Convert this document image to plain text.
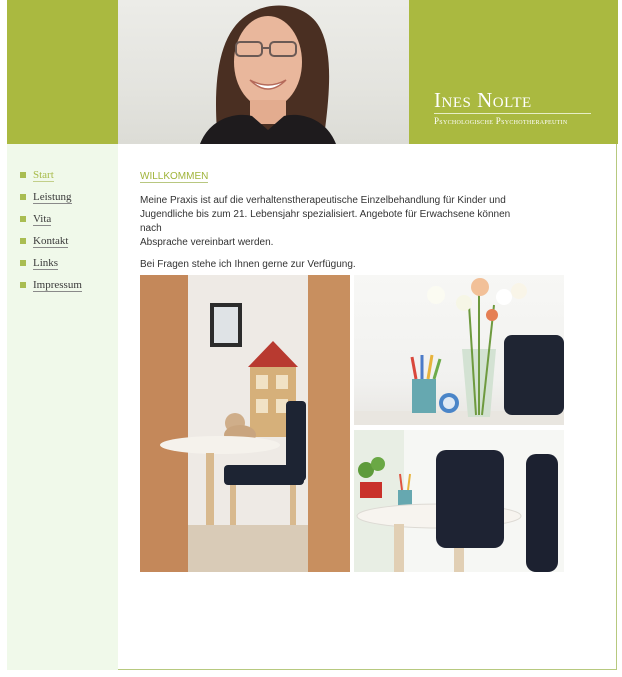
Ines Nolte
Psychologische Psychotherapeutin
Start
Leistung
Vita
Kontakt
Links
Impressum
WILLKOMMEN

Meine Praxis ist auf die verhaltenstherapeutische Einzelbehandlung für Kinder und
Jugendliche bis zum 21. Lebensjahr spezialisiert. Angebote für Erwachsene können
nach
Absprache vereinbart werden.

Bei Fragen stehe ich Ihnen gerne zur Verfügung.
